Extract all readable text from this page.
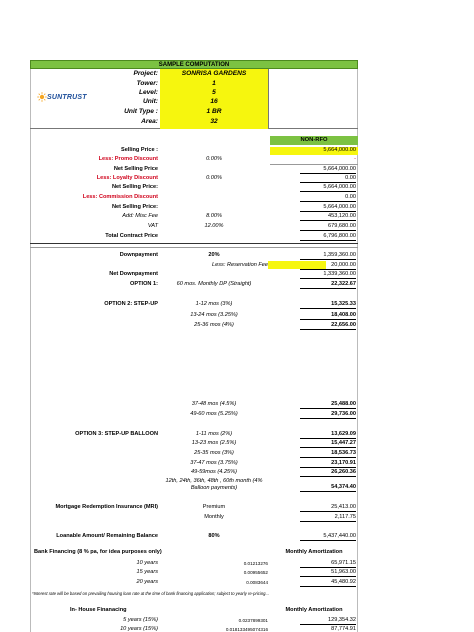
SAMPLE COMPUTATION
SUNTRUST
Project:	SONRISA GARDENS
Tower:	1
Level:	5
Unit:	16
Unit Type :	1 BR
Area:	32
NON-RFO
Selling Price :	5,664,000.00
Less: Promo Discount	0.00%	-
Net Selling Price	5,664,000.00
Less: Loyalty Discount	0.00%	0.00
Net Selling Price:	5,664,000.00
Less: Commission Discount	0.00
Net Selling Price:	5,664,000.00
Add: Misc Fee	8.00%	453,120.00
VAT	12.00%	679,680.00
Total Contract Price	6,796,800.00
Downpayment	20%	1,359,360.00
Less: Reservation Fee	20,000.00
Net Downpayment	1,339,360.00
OPTION 1:	60 mos. Monthly DP (Straight)	22,322.67
OPTION 2: STEP-UP	1-12 mos (3%)	15,325.33
13-24 mos (3.25%)	18,408.00
25-36 mos (4%)	22,656.00
37-48 mos (4.5%)	25,488.00
49-60 mos (5.25%)	29,736.00
OPTION 3: STEP-UP BALLOON	1-11 mos (2%)	13,629.09
13-23 mos (2.5%)	15,447.27
25-35 mos (3%)	18,536.73
37-47 mos (3.75%)	23,170.91
49-59mos (4.25%)	26,260.36
12th, 24th, 36th, 48th , 60th month (4%
Balloon payments)	54,374.40
Mortgage Redemption Insurance (MRI)	Premium	25,413.00
Monthly	2,117.75
Loanable Amount/ Remaining Balance	80%	5,437,440.00
Bank Financing (8 % pa, for idea purposes only)	Monthly Amortization
10 years	0.01213276	65,971.15
15 years	0.00955652	51,963.00
20 years	0.0083644	45,480.92
*Interest rate will be based on prevailing housing loan rate at the time of bank financing application; subject to yearly re-pricing...
In- House Finanacing	Monthly Amortization
5 years (15%)	0.0237899301	129,354.32
10 years (15%)	0.018133495074316	87,774.91
